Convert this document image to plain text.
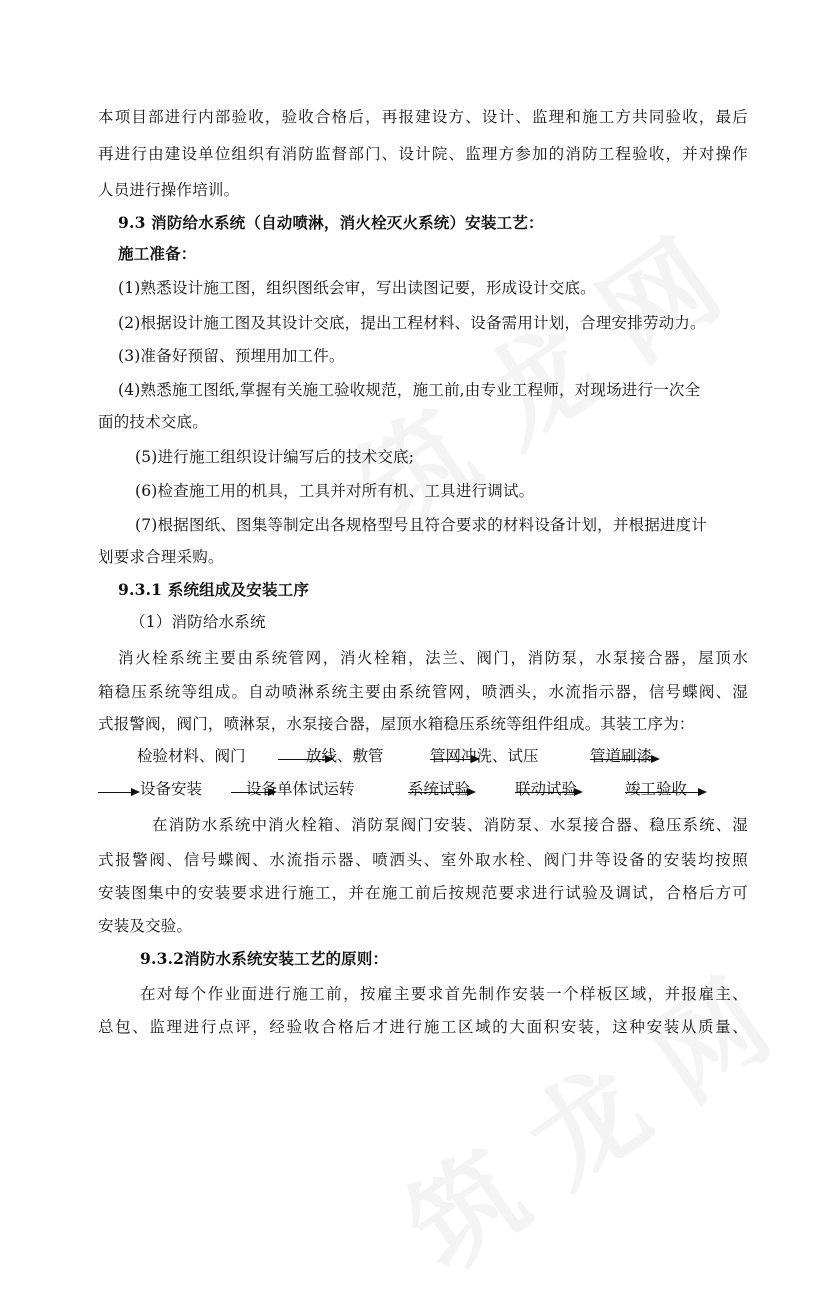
本项目部进行内部验收，验收合格后，再报建设方、设计、监理和施工方共同验收，最后
再进行由建设单位组织有消防监督部门、设计院、监理方参加的消防工程验收，并对操作
人员进行操作培训。
9.3 消防给水系统（自动喷淋，消火栓灭火系统）安装工艺：
施工准备：
(1)熟悉设计施工图，组织图纸会审，写出读图记要，形成设计交底。
(2)根据设计施工图及其设计交底，提出工程材料、设备需用计划，合理安排劳动力。
(3)准备好预留、预埋用加工件。
(4)熟悉施工图纸,掌握有关施工验收规范，施工前,由专业工程师，对现场进行一次全
面的技术交底。
(5)进行施工组织设计编写后的技术交底;
(6)检查施工用的机具，工具并对所有机、工具进行调试。
(7)根据图纸、图集等制定出各规格型号且符合要求的材料设备计划，并根据进度计
划要求合理采购。
9.3.1 系统组成及安装工序
（1）消防给水系统
消火栓系统主要由系统管网，消火栓箱，法兰、阀门，消防泵，水泵接合器，屋顶水
箱稳压系统等组成。自动喷淋系统主要由系统管网，喷洒头，水流指示器，信号蝶阀、湿
式报警阀，阀门，喷淋泵，水泵接合器，屋顶水箱稳压系统等组件组成。其装工序为：
检验材料、阀门	放线、敷管	管网冲洗、试压	管道刷漆
设备安装	设备单体试运转	系统试验	联动试验	竣工验收
在消防水系统中消火栓箱、消防泵阀门安装、消防泵、水泵接合器、稳压系统、湿
式报警阀、信号蝶阀、水流指示器、喷洒头、室外取水栓、阀门井等设备的安装均按照
安装图集中的安装要求进行施工，并在施工前后按规范要求进行试验及调试，合格后方可
安装及交验。
9.3.2消防水系统安装工艺的原则：
在对每个作业面进行施工前，按雇主要求首先制作安装一个样板区域，并报雇主、
总包、监理进行点评，经验收合格后才进行施工区域的大面积安装，这种安装从质量、
